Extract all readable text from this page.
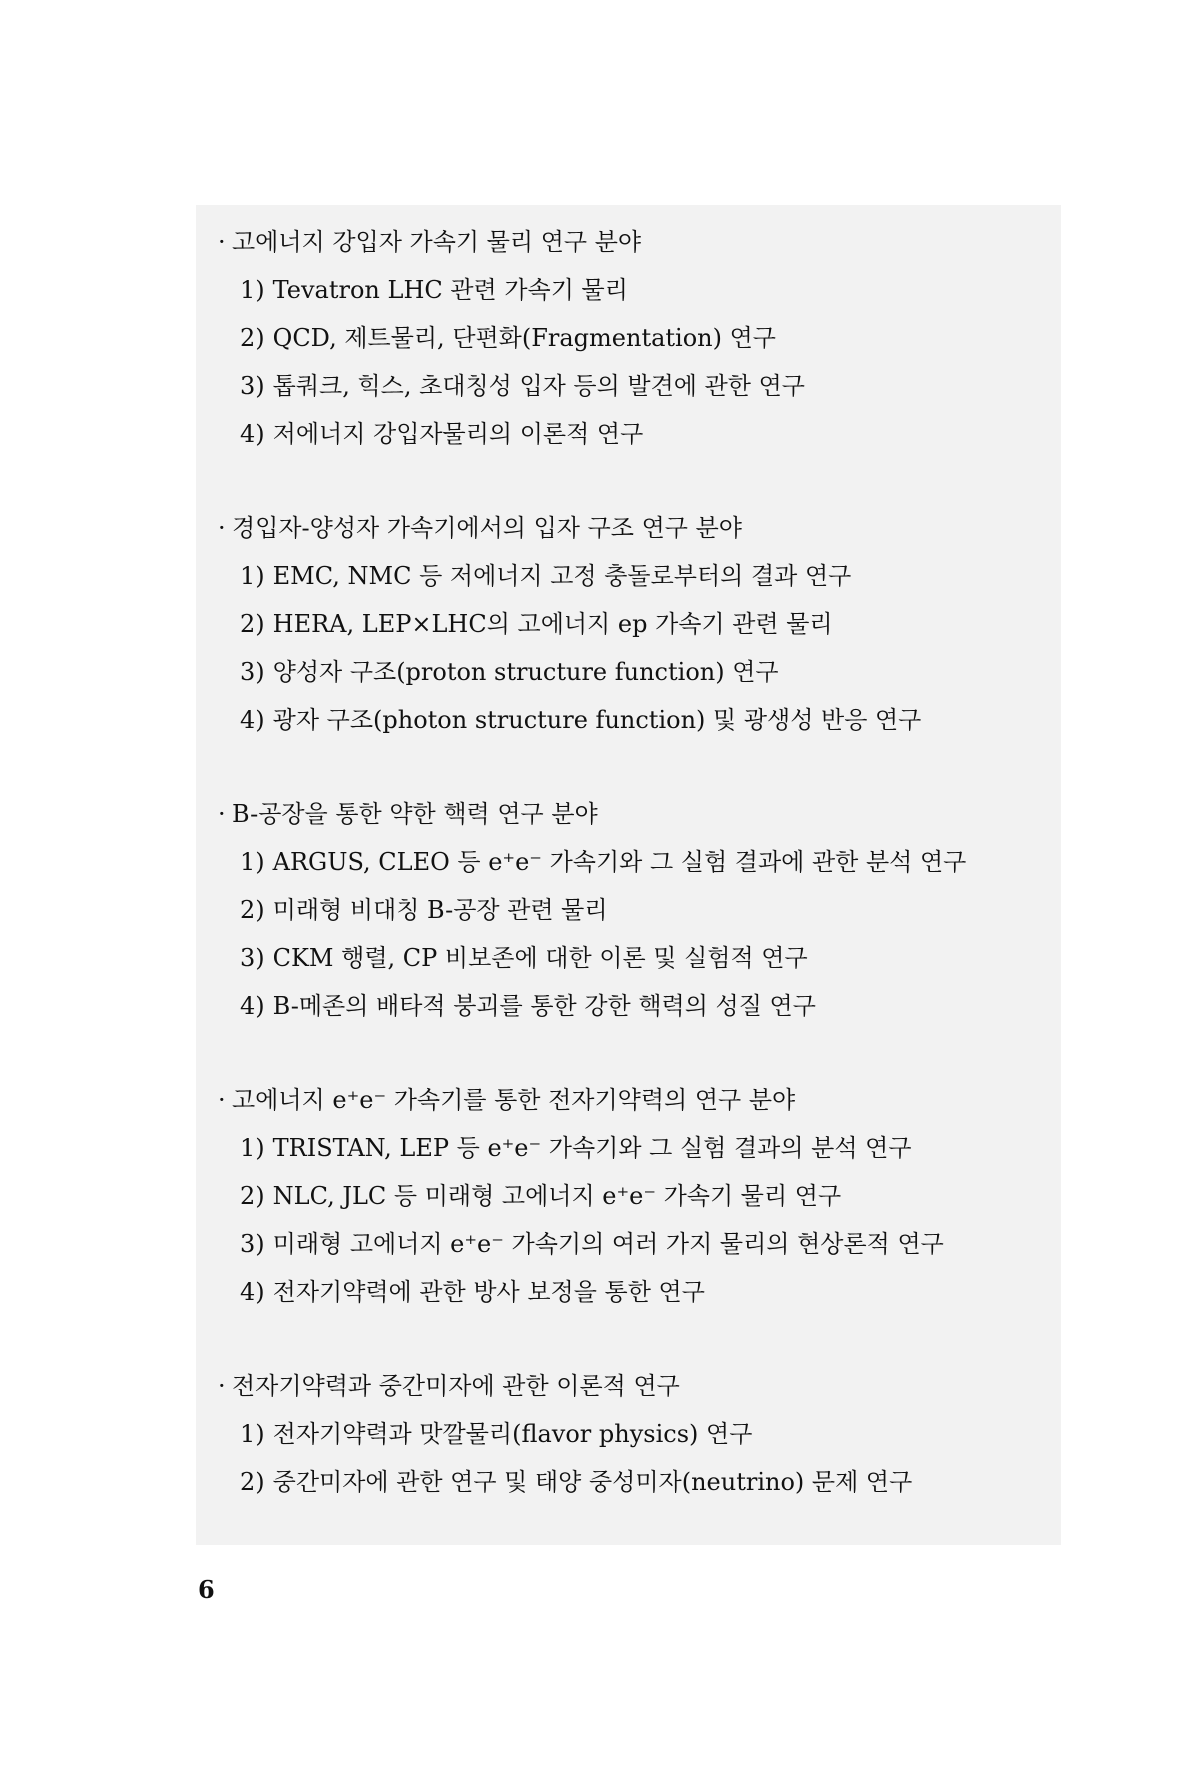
· 고에너지 강입자 가속기 물리 연구 분야
1) Tevatron LHC 관련 가속기 물리
2) QCD, 제트물리, 단편화(Fragmentation) 연구
3) 톱쿼크, 힉스, 초대칭성 입자 등의 발견에 관한 연구
4) 저에너지 강입자물리의 이론적 연구
· 경입자-양성자 가속기에서의 입자 구조 연구 분야
1) EMC, NMC 등 저에너지 고정 충돌로부터의 결과 연구
2) HERA, LEP×LHC의 고에너지 ep 가속기 관련 물리
3) 양성자 구조(proton structure function) 연구
4) 광자 구조(photon structure function) 및 광생성 반응 연구
· B-공장을 통한 약한 핵력 연구 분야
1) ARGUS, CLEO 등 e⁺e⁻ 가속기와 그 실험 결과에 관한 분석 연구
2) 미래형 비대칭 B-공장 관련 물리
3) CKM 행렬, CP 비보존에 대한 이론 및 실험적 연구
4) B-메존의 배타적 붕괴를 통한 강한 핵력의 성질 연구
· 고에너지 e⁺e⁻ 가속기를 통한 전자기약력의 연구 분야
1) TRISTAN, LEP 등 e⁺e⁻ 가속기와 그 실험 결과의 분석 연구
2) NLC, JLC 등 미래형 고에너지 e⁺e⁻ 가속기 물리 연구
3) 미래형 고에너지 e⁺e⁻ 가속기의 여러 가지 물리의 현상론적 연구
4) 전자기약력에 관한 방사 보정을 통한 연구
· 전자기약력과 중간미자에 관한 이론적 연구
1) 전자기약력과 맛깔물리(flavor physics) 연구
2) 중간미자에 관한 연구 및 태양 중성미자(neutrino) 문제 연구
6
